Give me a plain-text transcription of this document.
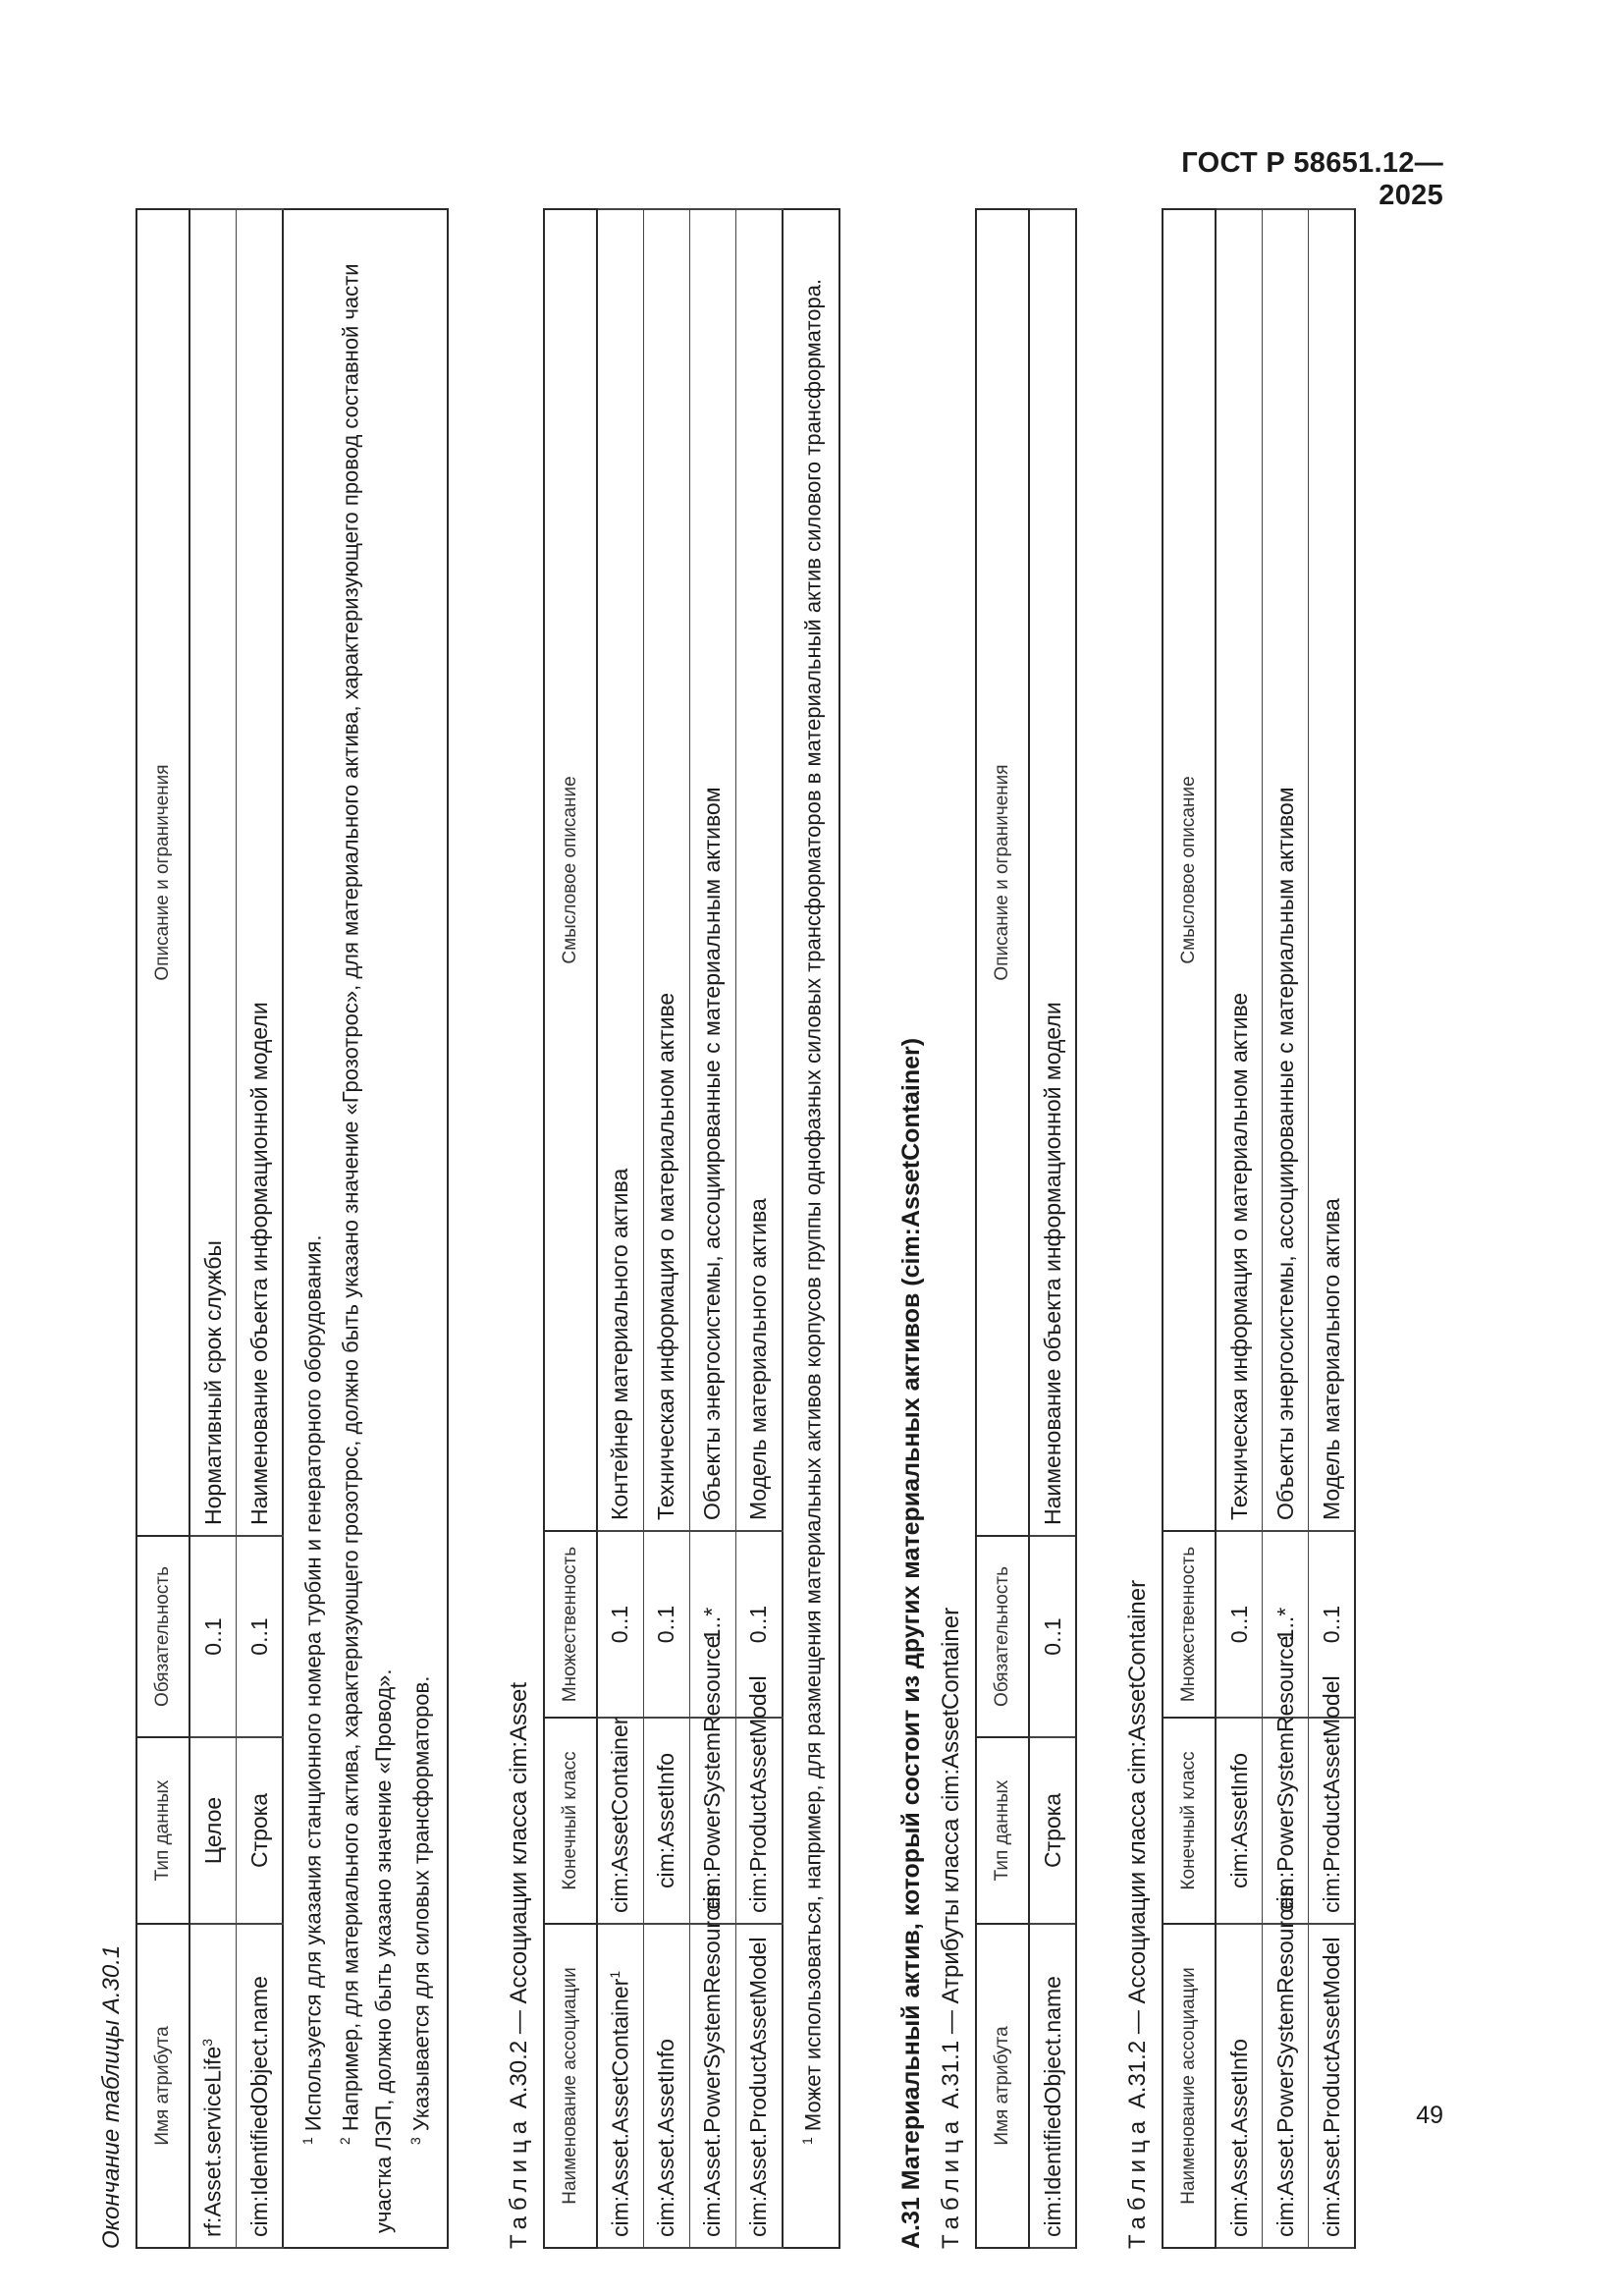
ГОСТ Р 58651.12—2025
Окончание таблицы А.30.1 Имя атрибута	Тип данных	Обязательность	Описание и ограничения
rf:Asset.serviceLife$^3$	Целое	0..1	Нормативный срок службы
cim:IdentifiedObject.name	Строка	0..1	Наименование объекта информационной модели

$^1$ Используется для указания станционного номера турбин и генераторного оборудования.

$^2$ Например, для материального актива, характеризующего грозотрос, должно быть указано значение «Грозотрос», для материального актива, характеризующего провод составной части участка ЛЭП, должно быть указано значение «Провод». $^3$ Указывается для силовых трансформаторов.			

Таблица А.30.2 — Ассоциации класса cim:Asset Наименование ассоциации	Конечный класс	Множественность	Смысловое описание
cim:Asset.AssetContainer$^1$	cim:AssetContainer	0..1	Контейнер материального актива
cim:Asset.AssetInfo	cim:AssetInfo	0..1	Техническая информация о материальном активе
cim:Asset.PowerSystemResources	cim:PowerSystemResource	1..*	Объекты энергосистемы, ассоциированные с материальным активом
cim:Asset.ProductAssetModel	cim:ProductAssetModel	0..1	Модель материального актива

$^1$ Может использоваться, например, для размещения материальных активов корпусов группы однофазных силовых трансформаторов в материальный актив силового трансформатора.				А.31 Материальный актив, который состоит из других материальных активов (cim:AssetContainer) Таблица А.31.1 — Атрибуты класса cim:AssetContainer Имя атрибута	Тип данных	Обязательность	Описание и ограничения
cim:IdentifiedObject.name	Строка	0..1	Наименование объекта информационной модели
Таблица А.31.2 — Ассоциации класса cim:AssetContainer Наименование ассоциации	Конечный класс	Множественность	Смысловое описание
cim:Asset.AssetInfo	cim:AssetInfo	0..1	Техническая информация о материальном активе
cim:Asset.PowerSystemResources	cim:PowerSystemResource	1..*	Объекты энергосистемы, ассоциированные с материальным активом
cim:Asset.ProductAssetModel	cim:ProductAssetModel	0..1	Модель материального актива
49
